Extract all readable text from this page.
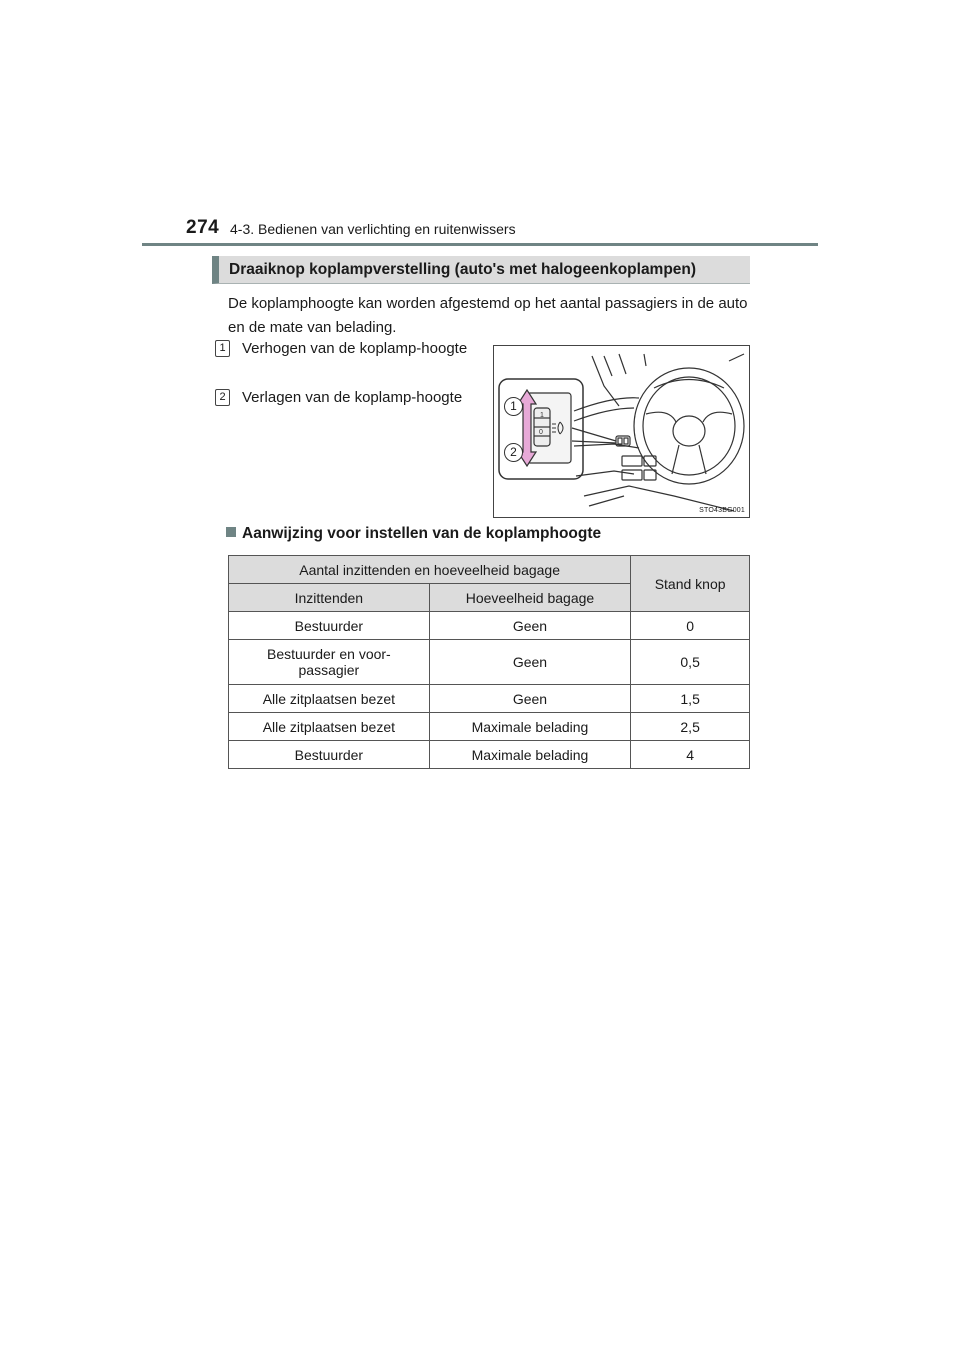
274 4-3. Bedienen van verlichting en ruitenwissers
Draaiknop koplampverstelling (auto's met halogeenkoplampen)
De koplamphoogte kan worden afgestemd op het aantal passagiers in de auto en de mate van belading.
1 Verhogen van de koplamp-hoogte
2 Verlagen van de koplamp-hoogte
1
0
1
2
STO43BG001
Aanwijzing voor instellen van de koplamphoogte
Aantal inzittenden en hoeveelheid bagage		Stand knop
Inzittenden	Hoeveelheid bagage	
Bestuurder	Geen	0
Bestuurder en voor-passagier	Geen	0,5
Alle zitplaatsen bezet	Geen	1,5
Alle zitplaatsen bezet	Maximale belading	2,5
Bestuurder	Maximale belading	4
